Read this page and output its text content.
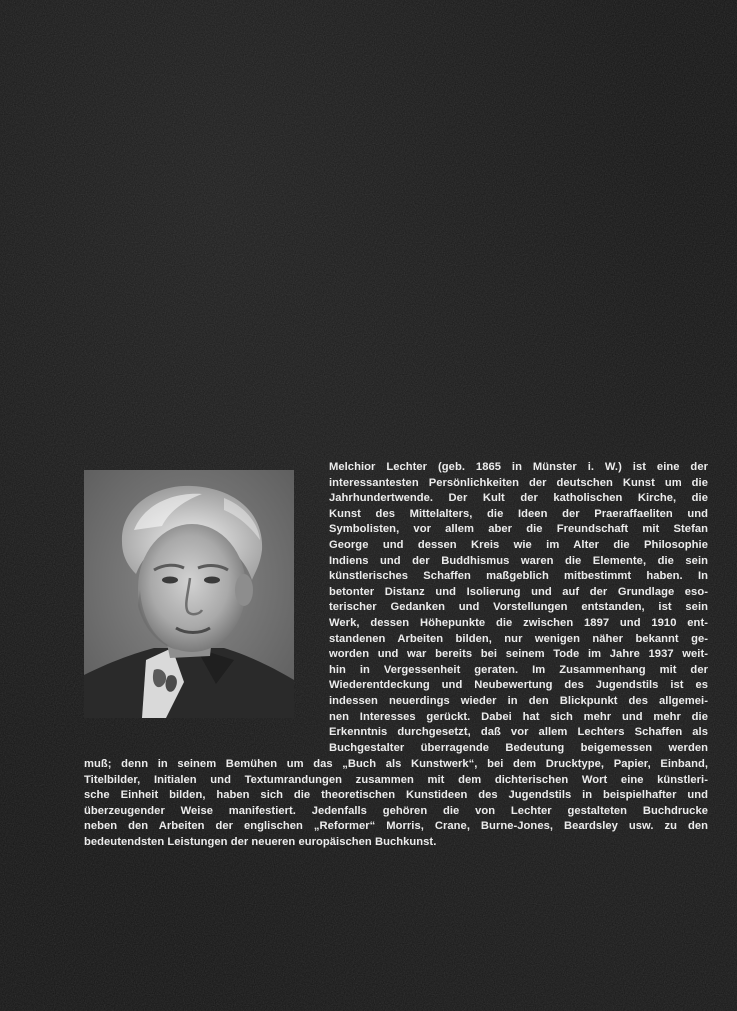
Melchior Lechter (geb. 1865 in Münster i. W.) ist eine der
interessantesten Persönlichkeiten der deutschen Kunst um die
Jahrhundertwende. Der Kult der katholischen Kirche, die
Kunst des Mittelalters, die Ideen der Praeraffaeliten und
Symbolisten, vor allem aber die Freundschaft mit Stefan
George und dessen Kreis wie im Alter die Philosophie
Indiens und der Buddhismus waren die Elemente, die sein
künstlerisches Schaffen maßgeblich mitbestimmt haben. In
betonter Distanz und Isolierung und auf der Grundlage eso-
terischer Gedanken und Vorstellungen entstanden, ist sein
Werk, dessen Höhepunkte die zwischen 1897 und 1910 ent-
standenen Arbeiten bilden, nur wenigen näher bekannt ge-
worden und war bereits bei seinem Tode im Jahre 1937 weit-
hin in Vergessenheit geraten. Im Zusammenhang mit der
Wiederentdeckung und Neubewertung des Jugendstils ist es
indessen neuerdings wieder in den Blickpunkt des allgemei-
nen Interesses gerückt. Dabei hat sich mehr und mehr die
Erkenntnis durchgesetzt, daß vor allem Lechters Schaffen als
Buchgestalter überragende Bedeutung beigemessen werden
muß; denn in seinem Bemühen um das „Buch als Kunstwerk“, bei dem Drucktype, Papier, Einband,
Titelbilder, Initialen und Textumrandungen zusammen mit dem dichterischen Wort eine künstleri-
sche Einheit bilden, haben sich die theoretischen Kunstideen des Jugendstils in beispielhafter und
überzeugender Weise manifestiert. Jedenfalls gehören die von Lechter gestalteten Buchdrucke
neben den Arbeiten der englischen „Reformer“ Morris, Crane, Burne-Jones, Beardsley usw. zu den
bedeutendsten Leistungen der neueren europäischen Buchkunst.
